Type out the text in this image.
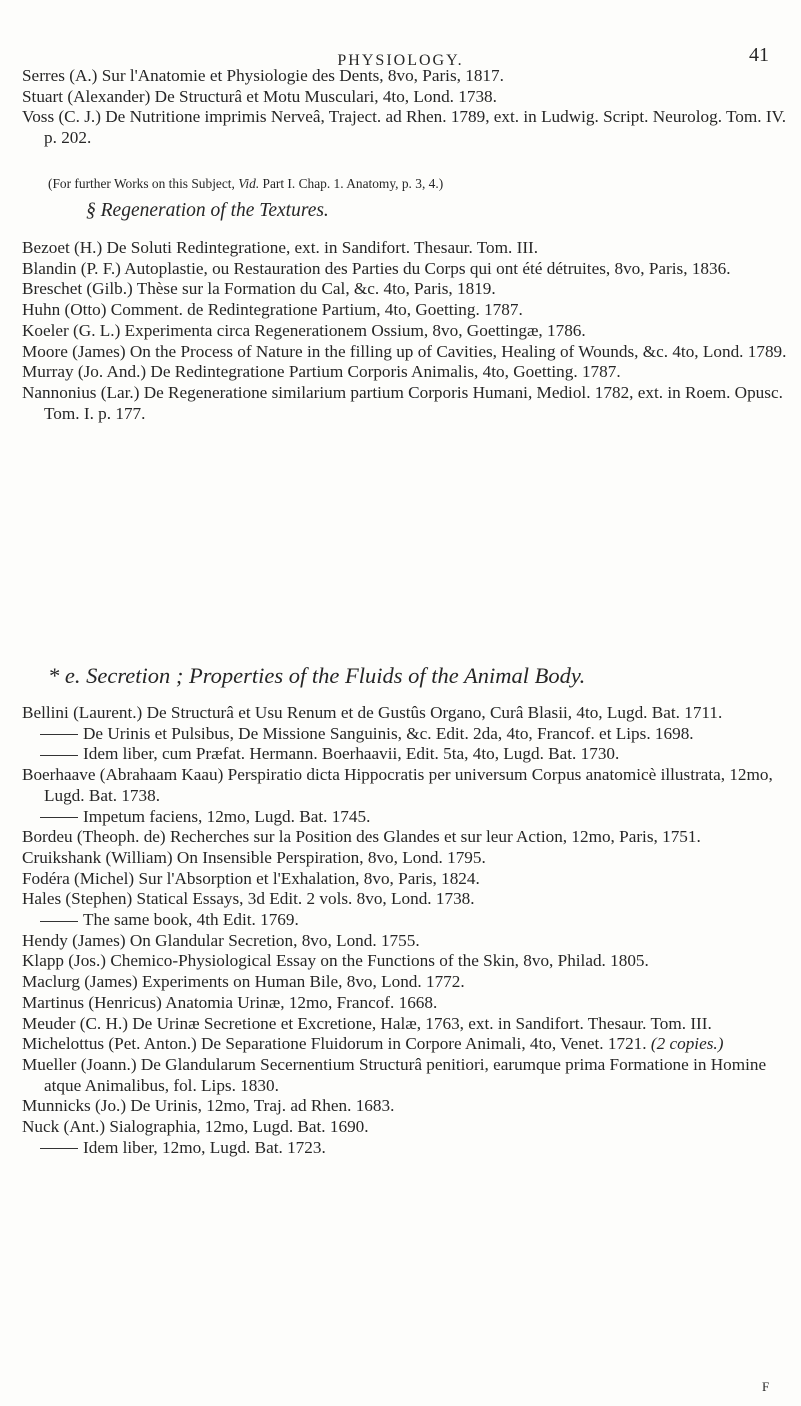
PHYSIOLOGY.	41

Serres (A.) Sur l'Anatomie et Physiologie des Dents, 8vo, Paris, 1817.

Stuart (Alexander) De Structurâ et Motu Musculari, 4to, Lond. 1738.

Voss (C. J.) De Nutritione imprimis Nerveâ, Traject. ad Rhen. 1789, ext. in Ludwig. Script. Neurolog. Tom. IV. p. 202.

(For further Works on this Subject, Vid. Part I. Chap. 1. Anatomy, p. 3, 4.)
§ Regeneration of the Textures.

Bezoet (H.) De Soluti Redintegratione, ext. in Sandifort. Thesaur. Tom. III.

Blandin (P. F.) Autoplastie, ou Restauration des Parties du Corps qui ont été détruites, 8vo, Paris, 1836.

Breschet (Gilb.) Thèse sur la Formation du Cal, &c. 4to, Paris, 1819.

Huhn (Otto) Comment. de Redintegratione Partium, 4to, Goetting. 1787.

Koeler (G. L.) Experimenta circa Regenerationem Ossium, 8vo, Goettingæ, 1786.

Moore (James) On the Process of Nature in the filling up of Cavities, Healing of Wounds, &c. 4to, Lond. 1789.

Murray (Jo. And.) De Redintegratione Partium Corporis Animalis, 4to, Goetting. 1787.

Nannonius (Lar.) De Regeneratione similarium partium Corporis Humani, Mediol. 1782, ext. in Roem. Opusc. Tom. I. p. 177.

* e. Secretion ; Properties of the Fluids of the Animal Body.

Bellini (Laurent.) De Structurâ et Usu Renum et de Gustûs Organo, Curâ Blasii, 4to, Lugd. Bat. 1711.

De Urinis et Pulsibus, De Missione Sanguinis, &c. Edit. 2da, 4to, Francof. et Lips. 1698.

Idem liber, cum Præfat. Hermann. Boerhaavii, Edit. 5ta, 4to, Lugd. Bat. 1730.

Boerhaave (Abrahaam Kaau) Perspiratio dicta Hippocratis per universum Corpus anatomicè illustrata, 12mo, Lugd. Bat. 1738.

Impetum faciens, 12mo, Lugd. Bat. 1745.

Bordeu (Theoph. de) Recherches sur la Position des Glandes et sur leur Action, 12mo, Paris, 1751.

Cruikshank (William) On Insensible Perspiration, 8vo, Lond. 1795.

Fodéra (Michel) Sur l'Absorption et l'Exhalation, 8vo, Paris, 1824.

Hales (Stephen) Statical Essays, 3d Edit. 2 vols. 8vo, Lond. 1738.

The same book, 4th Edit. 1769.

Hendy (James) On Glandular Secretion, 8vo, Lond. 1755.

Klapp (Jos.) Chemico-Physiological Essay on the Functions of the Skin, 8vo, Philad. 1805.

Maclurg (James) Experiments on Human Bile, 8vo, Lond. 1772.

Martinus (Henricus) Anatomia Urinæ, 12mo, Francof. 1668.

Meuder (C. H.) De Urinæ Secretione et Excretione, Halæ, 1763, ext. in Sandifort. Thesaur. Tom. III.

Michelottus (Pet. Anton.) De Separatione Fluidorum in Corpore Animali, 4to, Venet. 1721. (2 copies.)

Mueller (Joann.) De Glandularum Secernentium Structurâ penitiori, earumque prima Formatione in Homine atque Animalibus, fol. Lips. 1830.

Munnicks (Jo.) De Urinis, 12mo, Traj. ad Rhen. 1683.

Nuck (Ant.) Sialographia, 12mo, Lugd. Bat. 1690.

Idem liber, 12mo, Lugd. Bat. 1723.

F
